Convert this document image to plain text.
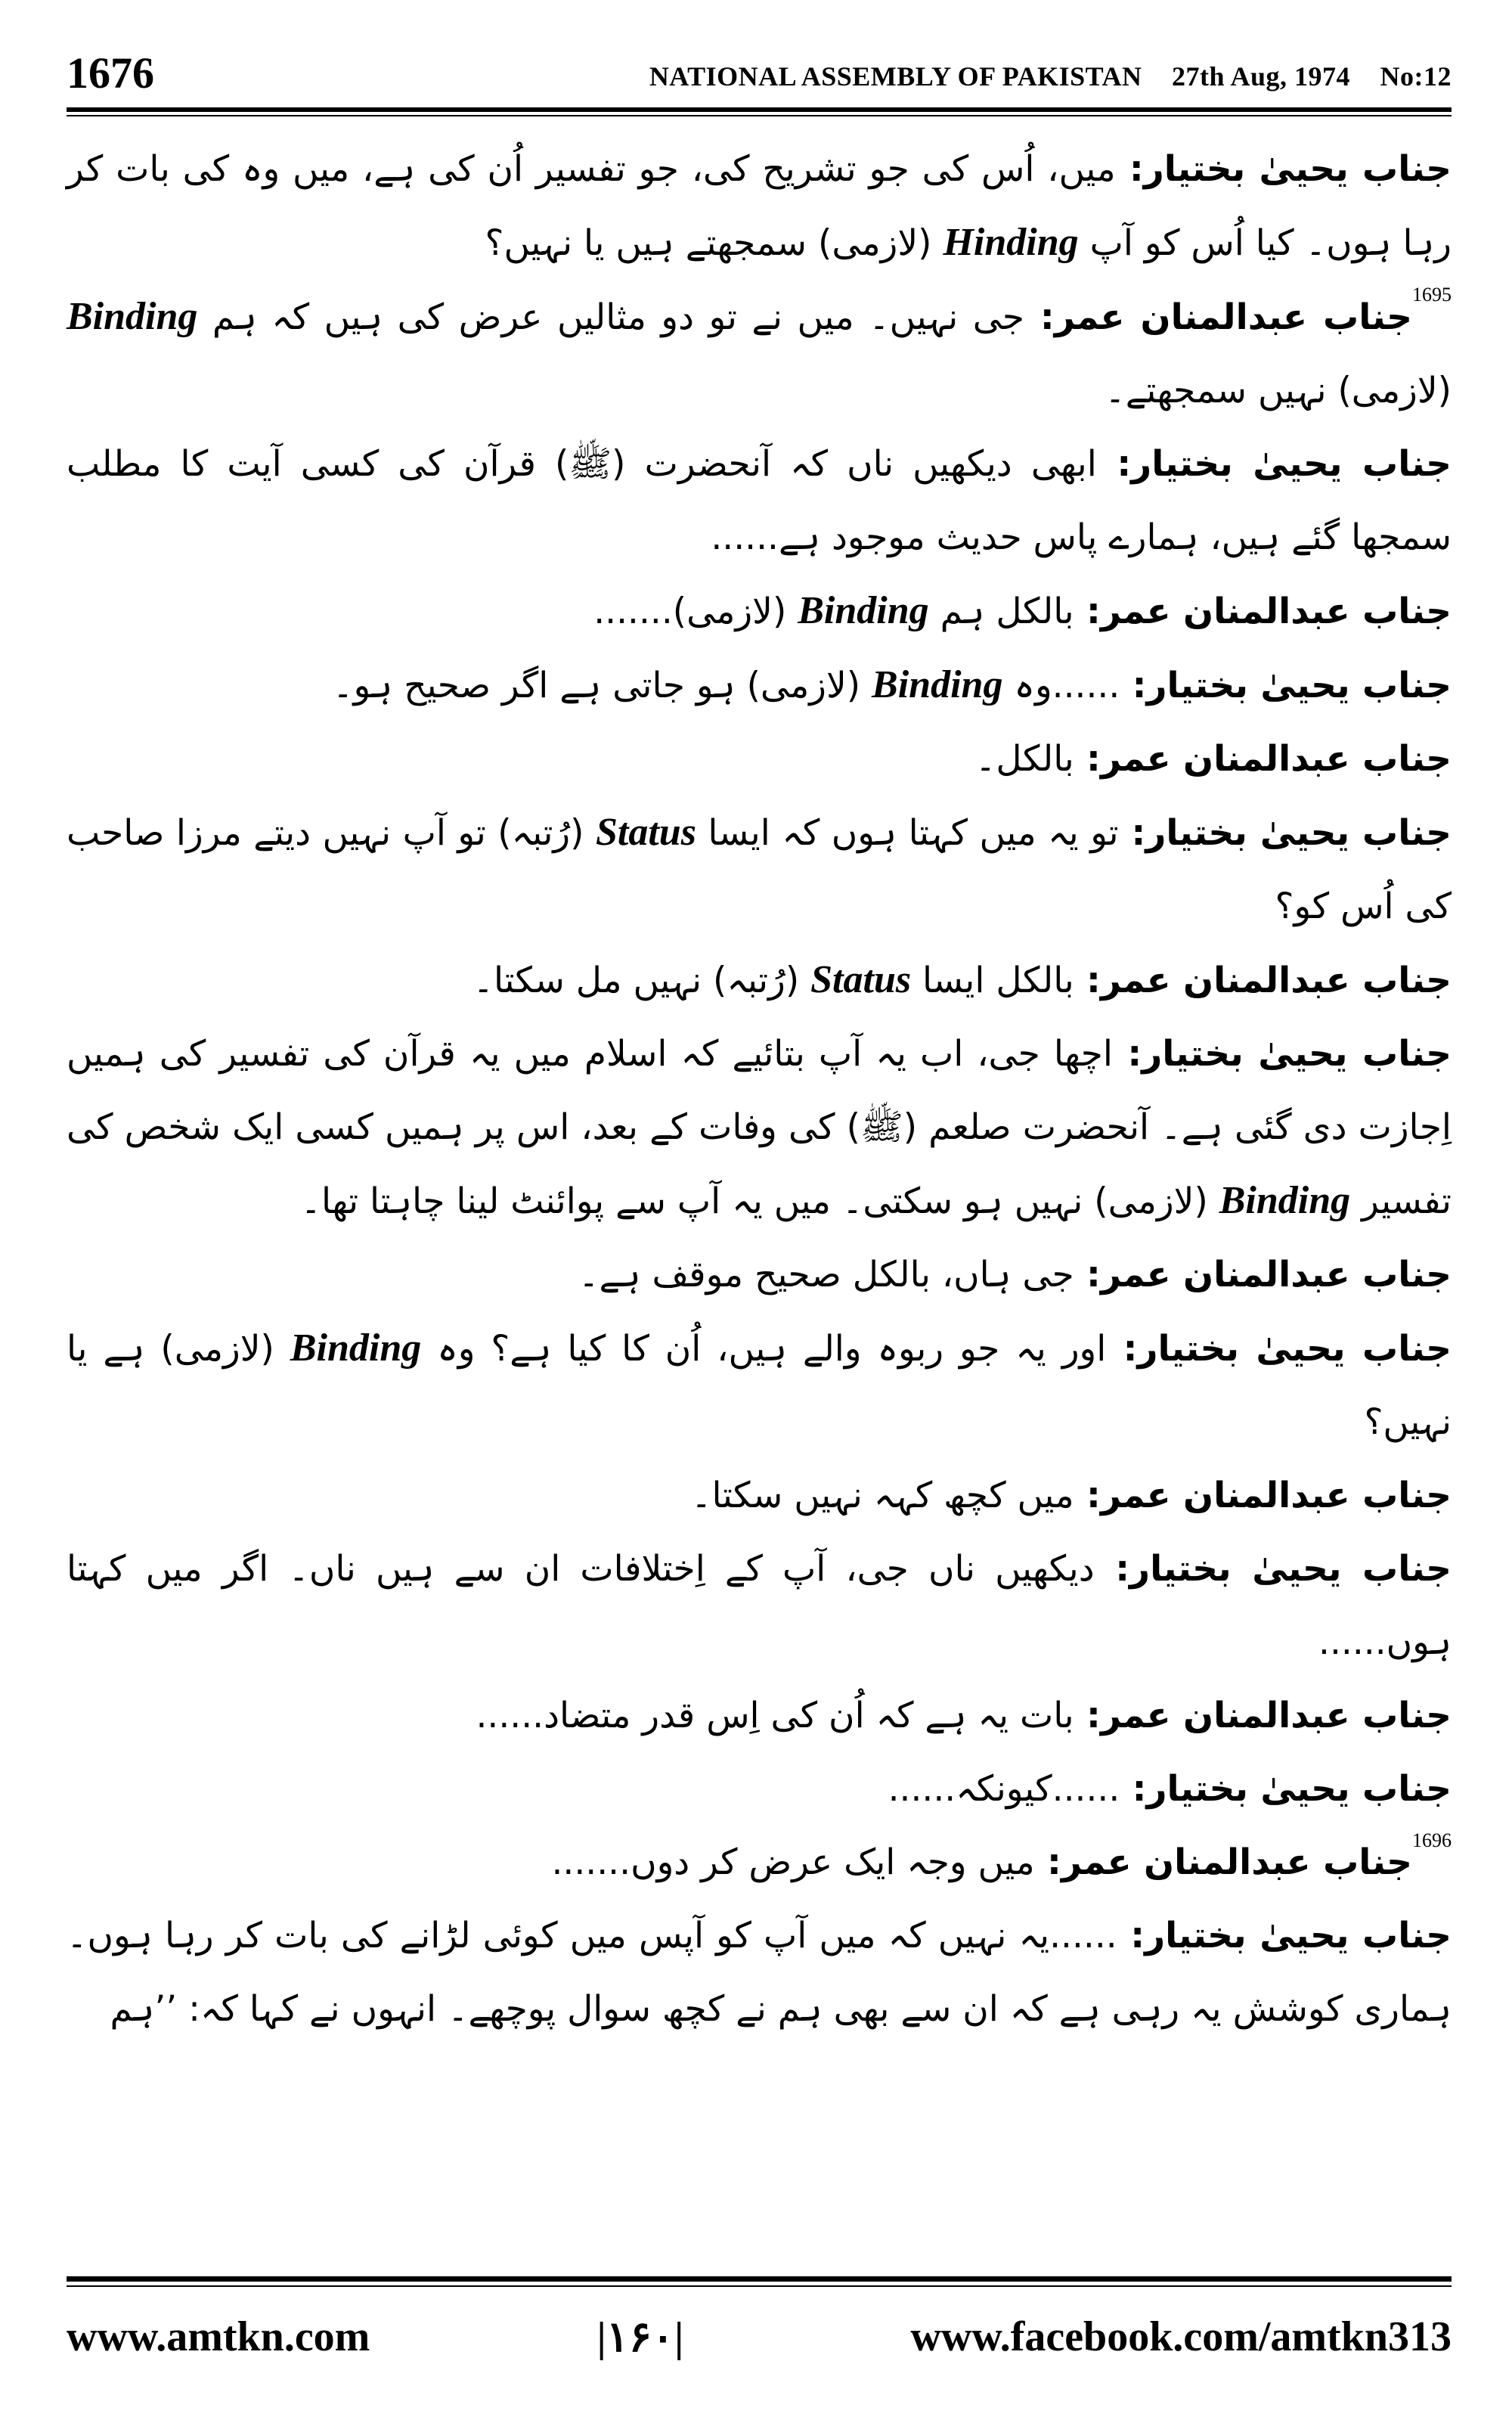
1676	NATIONAL ASSEMBLY OF PAKISTAN 27th Aug, 1974 No:12

جناب یحییٰ بختیار : میں، اُس کی جو تشریح کی، جو تفسیر اُن کی ہے، میں وہ کی بات کر رہا ہوں۔ کیا اُس کو آپ Hinding (لازمی) سمجھتے ہیں یا نہیں؟

$^{1695}$جناب عبدالمنان عمر : جی نہیں۔ میں نے تو دو مثالیں عرض کی ہیں کہ ہم Binding (لازمی) نہیں سمجھتے۔

جناب یحییٰ بختیار : ابھی دیکھیں ناں کہ آنحضرت (ﷺ) قرآن کی کسی آیت کا مطلب سمجھا گئے ہیں، ہمارے پاس حدیث موجود ہے......

جناب عبدالمنان عمر : بالکل ہم Binding (لازمی).......

جناب یحییٰ بختیار : ......وہ Binding (لازمی) ہو جاتی ہے اگر صحیح ہو۔

جناب عبدالمنان عمر : بالکل۔

جناب یحییٰ بختیار : تو یہ میں کہتا ہوں کہ ایسا Status (رُتبہ) تو آپ نہیں دیتے مرزا صاحب کی اُس کو؟

جناب عبدالمنان عمر : بالکل ایسا Status (رُتبہ) نہیں مل سکتا۔

جناب یحییٰ بختیار : اچھا جی، اب یہ آپ بتائیے کہ اسلام میں یہ قرآن کی تفسیر کی ہمیں اِجازت دی گئی ہے۔ آنحضرت صلعم (ﷺ) کی وفات کے بعد، اس پر ہمیں کسی ایک شخص کی تفسیر Binding (لازمی) نہیں ہو سکتی۔ میں یہ آپ سے پوائنٹ لینا چاہتا تھا۔

جناب عبدالمنان عمر : جی ہاں، بالکل صحیح موقف ہے۔

جناب یحییٰ بختیار : اور یہ جو ربوہ والے ہیں، اُن کا کیا ہے؟ وہ Binding (لازمی) ہے یا نہیں؟

جناب عبدالمنان عمر : میں کچھ کہہ نہیں سکتا۔

جناب یحییٰ بختیار : دیکھیں ناں جی، آپ کے اِختلافات ان سے ہیں ناں۔ اگر میں کہتا ہوں......

جناب عبدالمنان عمر : بات یہ ہے کہ اُن کی اِس قدر متضاد......

جناب یحییٰ بختیار : ......کیونکہ......

$^{1696}$جناب عبدالمنان عمر : میں وجہ ایک عرض کر دوں.......

جناب یحییٰ بختیار : ......یہ نہیں کہ میں آپ کو آپس میں کوئی لڑانے کی بات کر رہا ہوں۔ ہماری کوشش یہ رہی ہے کہ ان سے بھی ہم نے کچھ سوال پوچھے۔ انہوں نے کہا کہ: ’’ہم

www.amtkn.com	|۱۶۰|	www.facebook.com/amtkn313
